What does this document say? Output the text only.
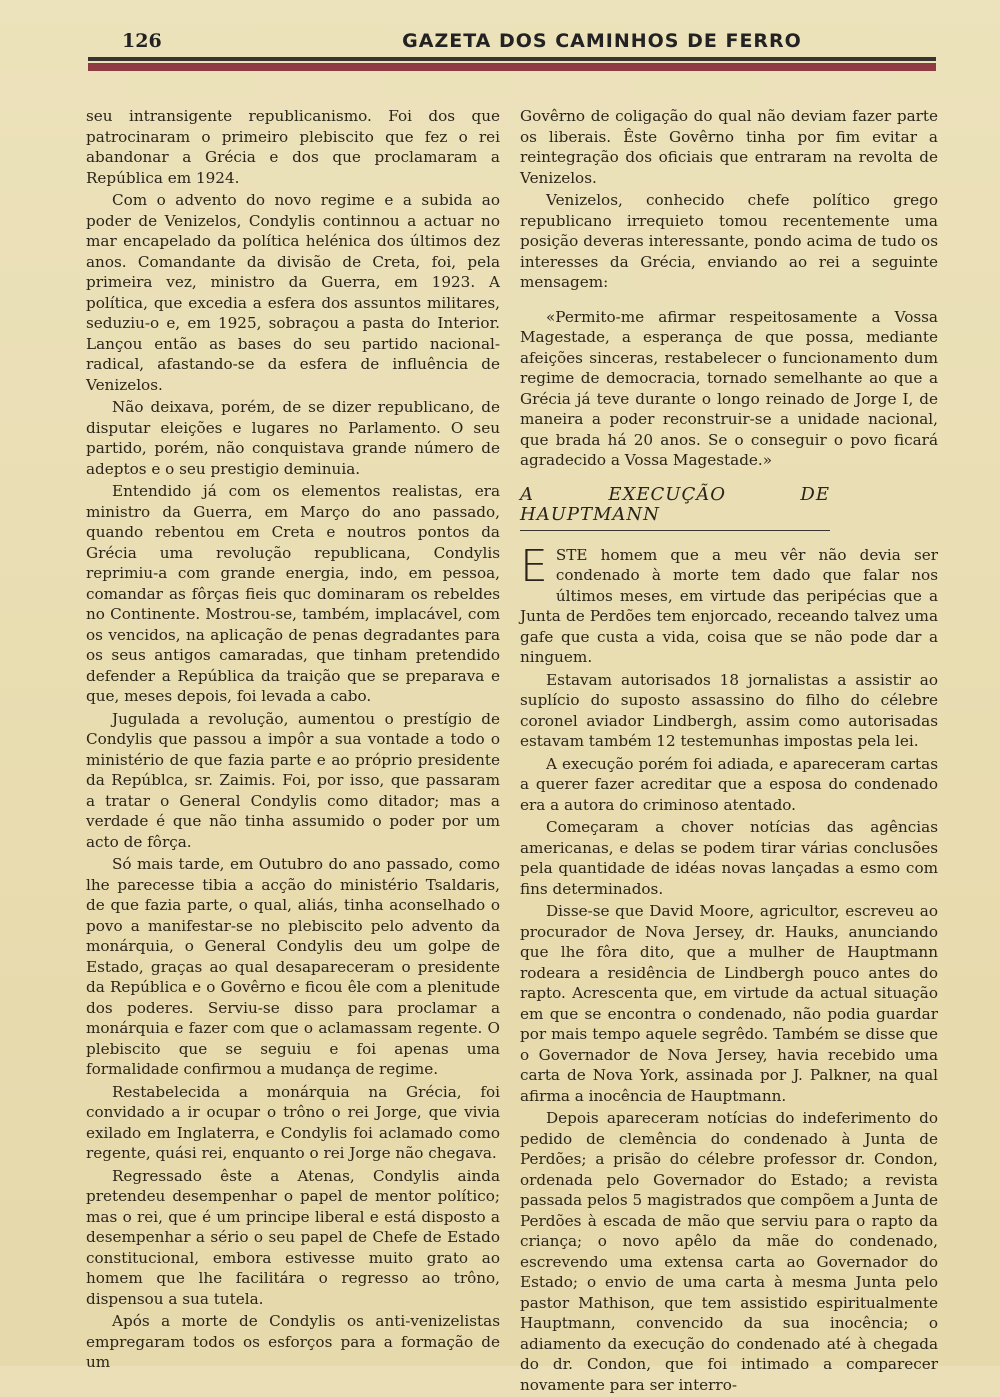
126	GAZETA DOS CAMINHOS DE FERRO

seu intransigente republicanismo. Foi dos que patrocinaram o primeiro plebiscito que fez o rei abandonar a Grécia e dos que proclamaram a República em 1924.

Com o advento do novo regime e a subida ao poder de Venizelos, Condylis continnou a actuar no mar encapelado da política helénica dos últimos dez anos. Comandante da divisão de Creta, foi, pela primeira vez, ministro da Guerra, em 1923. A política, que excedia a esfera dos assuntos militares, seduziu-o e, em 1925, sobraçou a pasta do Interior. Lançou então as bases do seu partido nacional-radical, afastando-se da esfera de influência de Venizelos.

Não deixava, porém, de se dizer republicano, de disputar eleições e lugares no Parlamento. O seu partido, porém, não conquistava grande número de adeptos e o seu prestigio deminuia.

Entendido já com os elementos realistas, era ministro da Guerra, em Março do ano passado, quando rebentou em Creta e noutros pontos da Grécia uma revolução republicana, Condylis reprimiu-a com grande energia, indo, em pessoa, comandar as fôrças fieis quc dominaram os rebeldes no Continente. Mostrou-se, também, implacável, com os vencidos, na aplicação de penas degradantes para os seus antigos camaradas, que tinham pretendido defender a República da traição que se preparava e que, meses depois, foi levada a cabo.

Jugulada a revolução, aumentou o prestígio de Condylis que passou a impôr a sua vontade a todo o ministério de que fazia parte e ao próprio presidente da Repúblca, sr. Zaimis. Foi, por isso, que passaram a tratar o General Condylis como ditador; mas a verdade é que não tinha assumido o poder por um acto de fôrça.

Só mais tarde, em Outubro do ano passado, como lhe parecesse tibia a acção do ministério Tsaldaris, de que fazia parte, o qual, aliás, tinha aconselhado o povo a manifestar-se no plebiscito pelo advento da monárquia, o General Condylis deu um golpe de Estado, graças ao qual desapareceram o presidente da República e o Govêrno e ficou êle com a plenitude dos poderes. Serviu-se disso para proclamar a monárquia e fazer com que o aclamassam regente. O plebiscito que se seguiu e foi apenas uma formalidade confirmou a mudança de regime.

Restabelecida a monárquia na Grécia, foi convidado a ir ocupar o trôno o rei Jorge, que vivia exilado em Inglaterra, e Condylis foi aclamado como regente, quási rei, enquanto o rei Jorge não chegava.

Regressado êste a Atenas, Condylis ainda pretendeu desempenhar o papel de mentor político; mas o rei, que é um principe liberal e está disposto a desempenhar a sério o seu papel de Chefe de Estado constitucional, embora estivesse muito grato ao homem que lhe facilitára o regresso ao trôno, dispensou a sua tutela.

Após a morte de Condylis os anti-venizelistas empregaram todos os esforços para a formação de um

Govêrno de coligação do qual não deviam fazer parte os liberais. Êste Govêrno tinha por fim evitar a reintegração dos oficiais que entraram na revolta de Venizelos.

Venizelos, conhecido chefe político grego republicano irrequieto tomou recentemente uma posição deveras interessante, pondo acima de tudo os interesses da Grécia, enviando ao rei a seguinte mensagem:

«Permito-me afirmar respeitosamente a Vossa Magestade, a esperança de que possa, mediante afeições sinceras, restabelecer o funcionamento dum regime de democracia, tornado semelhante ao que a Grécia já teve durante o longo reinado de Jorge I, de maneira a poder reconstruir-se a unidade nacional, que brada há 20 anos. Se o conseguir o povo ficará agradecido a Vossa Magestade.»

A EXECUÇÃO DE HAUPTMANN

ESTE homem que a meu vêr não devia ser condenado à morte tem dado que falar nos últimos meses, em virtude das peripécias que a Junta de Perdões tem enjorcado, receando talvez uma gafe que custa a vida, coisa que se não pode dar a ninguem.

Estavam autorisados 18 jornalistas a assistir ao suplício do suposto assassino do filho do célebre coronel aviador Lindbergh, assim como autorisadas estavam também 12 testemunhas impostas pela lei.

A execução porém foi adiada, e apareceram cartas a querer fazer acreditar que a esposa do condenado era a autora do criminoso atentado.

Começaram a chover notícias das agências americanas, e delas se podem tirar várias conclusões pela quantidade de idéas novas lançadas a esmo com fins determinados.

Disse-se que David Moore, agricultor, escreveu ao procurador de Nova Jersey, dr. Hauks, anunciando que lhe fôra dito, que a mulher de Hauptmann rodeara a residência de Lindbergh pouco antes do rapto. Acrescenta que, em virtude da actual situação em que se encontra o condenado, não podia guardar por mais tempo aquele segrêdo. Também se disse que o Governador de Nova Jersey, havia recebido uma carta de Nova York, assinada por J. Palkner, na qual afirma a inocência de Hauptmann.

Depois apareceram notícias do indeferimento do pedido de clemência do condenado à Junta de Perdões; a prisão do célebre professor dr. Condon, ordenada pelo Governador do Estado; a revista passada pelos 5 magistrados que compõem a Junta de Perdões à escada de mão que serviu para o rapto da criança; o novo apêlo da mãe do condenado, escrevendo uma extensa carta ao Governador do Estado; o envio de uma carta à mesma Junta pelo pastor Mathison, que tem assistido espiritualmente Hauptmann, convencido da sua inocência; o adiamento da execução do condenado até à chegada do dr. Condon, que foi intimado a comparecer novamente para ser interro-
